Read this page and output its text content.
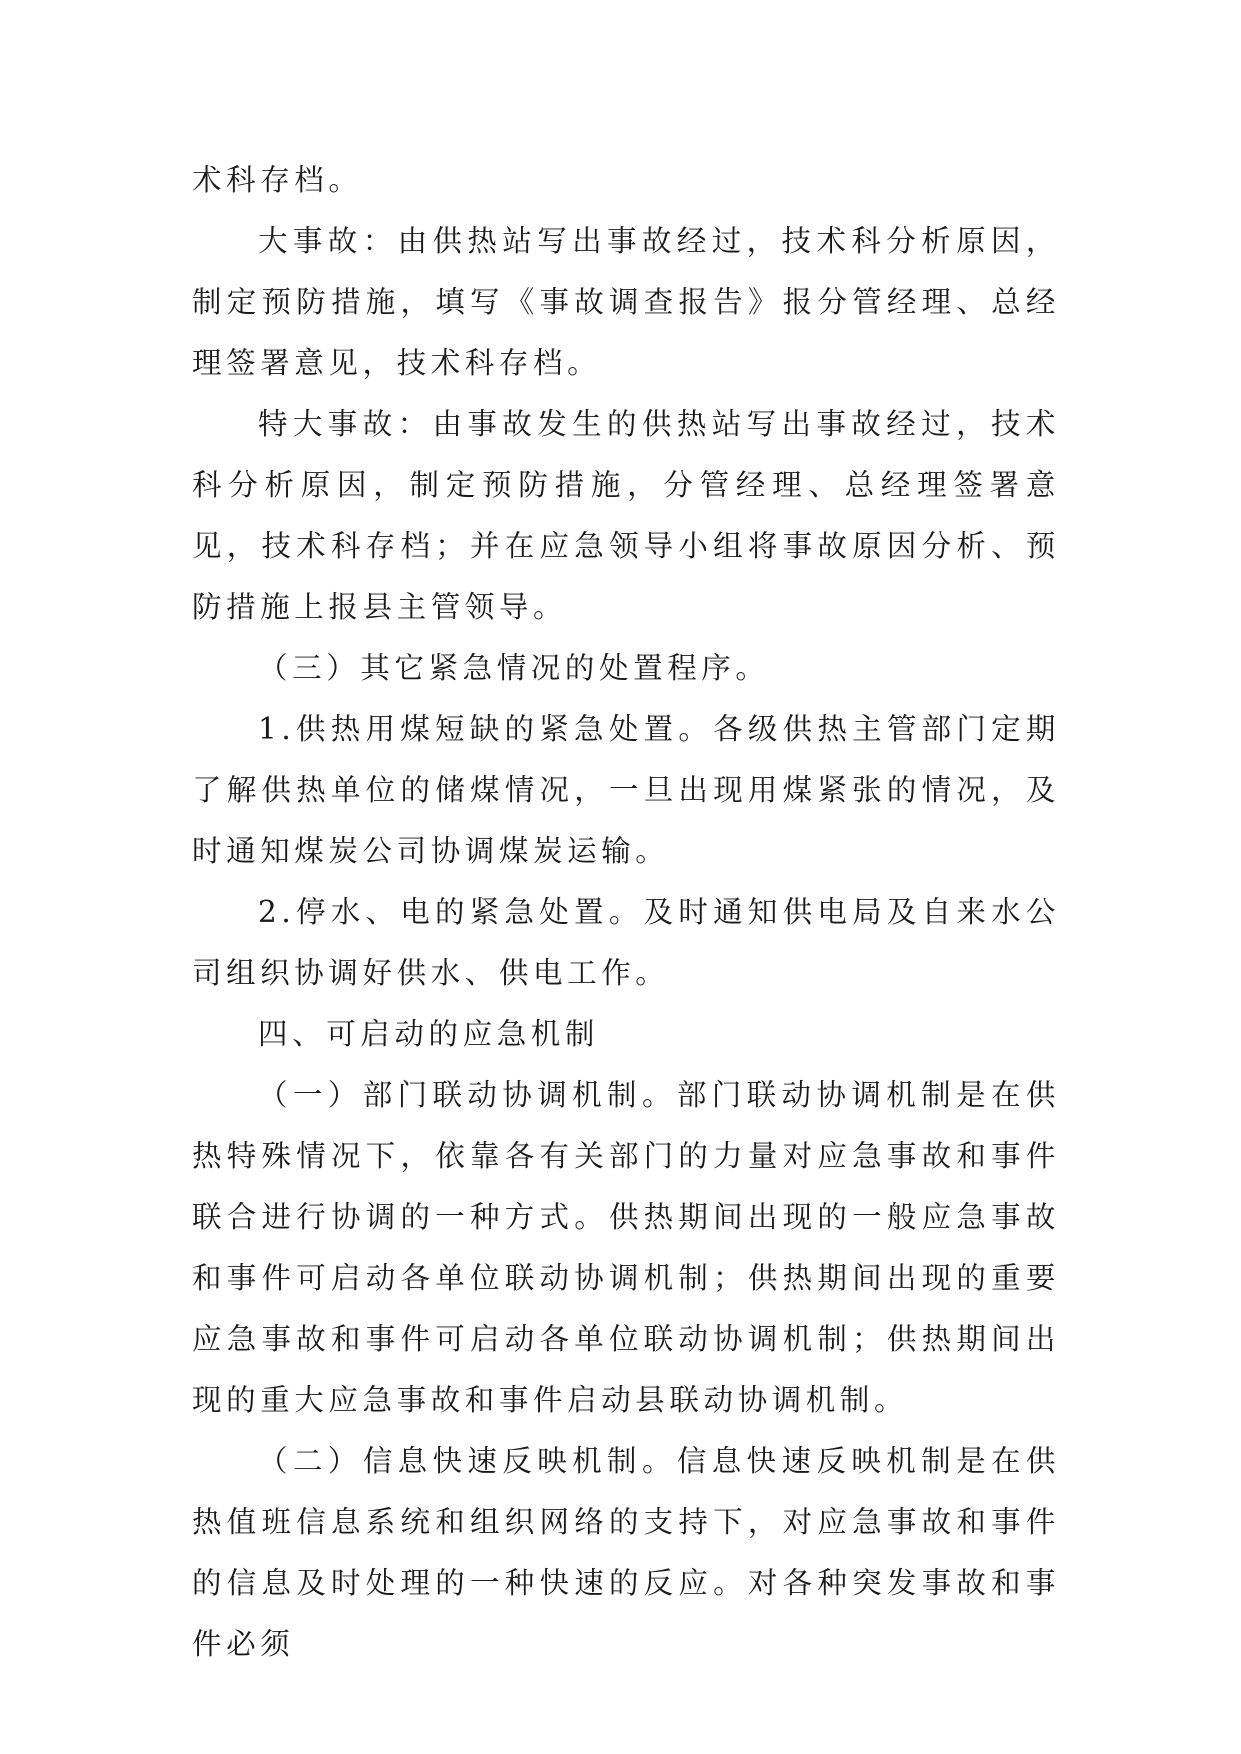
术科存档。

大事故：由供热站写出事故经过，技术科分析原因，制定预防措施，填写《事故调查报告》报分管经理、总经理签署意见，技术科存档。

特大事故：由事故发生的供热站写出事故经过，技术科分析原因，制定预防措施，分管经理、总经理签署意见，技术科存档；并在应急领导小组将事故原因分析、预防措施上报县主管领导。

（三）其它紧急情况的处置程序。

1.供热用煤短缺的紧急处置。各级供热主管部门定期了解供热单位的储煤情况，一旦出现用煤紧张的情况，及时通知煤炭公司协调煤炭运输。

2.停水、电的紧急处置。及时通知供电局及自来水公司组织协调好供水、供电工作。

四、可启动的应急机制

（一）部门联动协调机制。部门联动协调机制是在供热特殊情况下，依靠各有关部门的力量对应急事故和事件联合进行协调的一种方式。供热期间出现的一般应急事故和事件可启动各单位联动协调机制；供热期间出现的重要应急事故和事件可启动各单位联动协调机制；供热期间出现的重大应急事故和事件启动县联动协调机制。

（二）信息快速反映机制。信息快速反映机制是在供热值班信息系统和组织网络的支持下，对应急事故和事件的信息及时处理的一种快速的反应。对各种突发事故和事件必须
